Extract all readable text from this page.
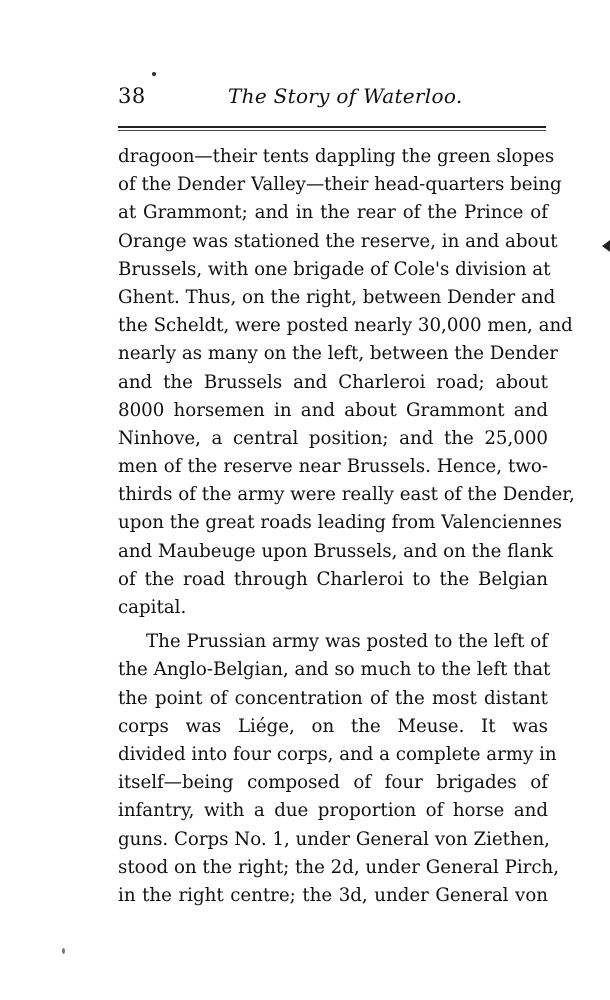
38	The Story of Waterloo.
dragoon—their tents dappling the green slopes
of the Dender Valley—their head-quarters being
at Grammont; and in the rear of the Prince of
Orange was stationed the reserve, in and about
Brussels, with one brigade of Cole's division at
Ghent. Thus, on the right, between Dender and
the Scheldt, were posted nearly 30,000 men, and
nearly as many on the left, between the Dender
and the Brussels and Charleroi road; about
8000 horsemen in and about Grammont and
Ninhove, a central position; and the 25,000
men of the reserve near Brussels. Hence, two-
thirds of the army were really east of the Dender,
upon the great roads leading from Valenciennes
and Maubeuge upon Brussels, and on the flank
of the road through Charleroi to the Belgian
capital.
The Prussian army was posted to the left of
the Anglo-Belgian, and so much to the left that
the point of concentration of the most distant
corps was Liége, on the Meuse. It was
divided into four corps, and a complete army in
itself—being composed of four brigades of
infantry, with a due proportion of horse and
guns. Corps No. 1, under General von Ziethen,
stood on the right; the 2d, under General Pirch,
in the right centre; the 3d, under General von
